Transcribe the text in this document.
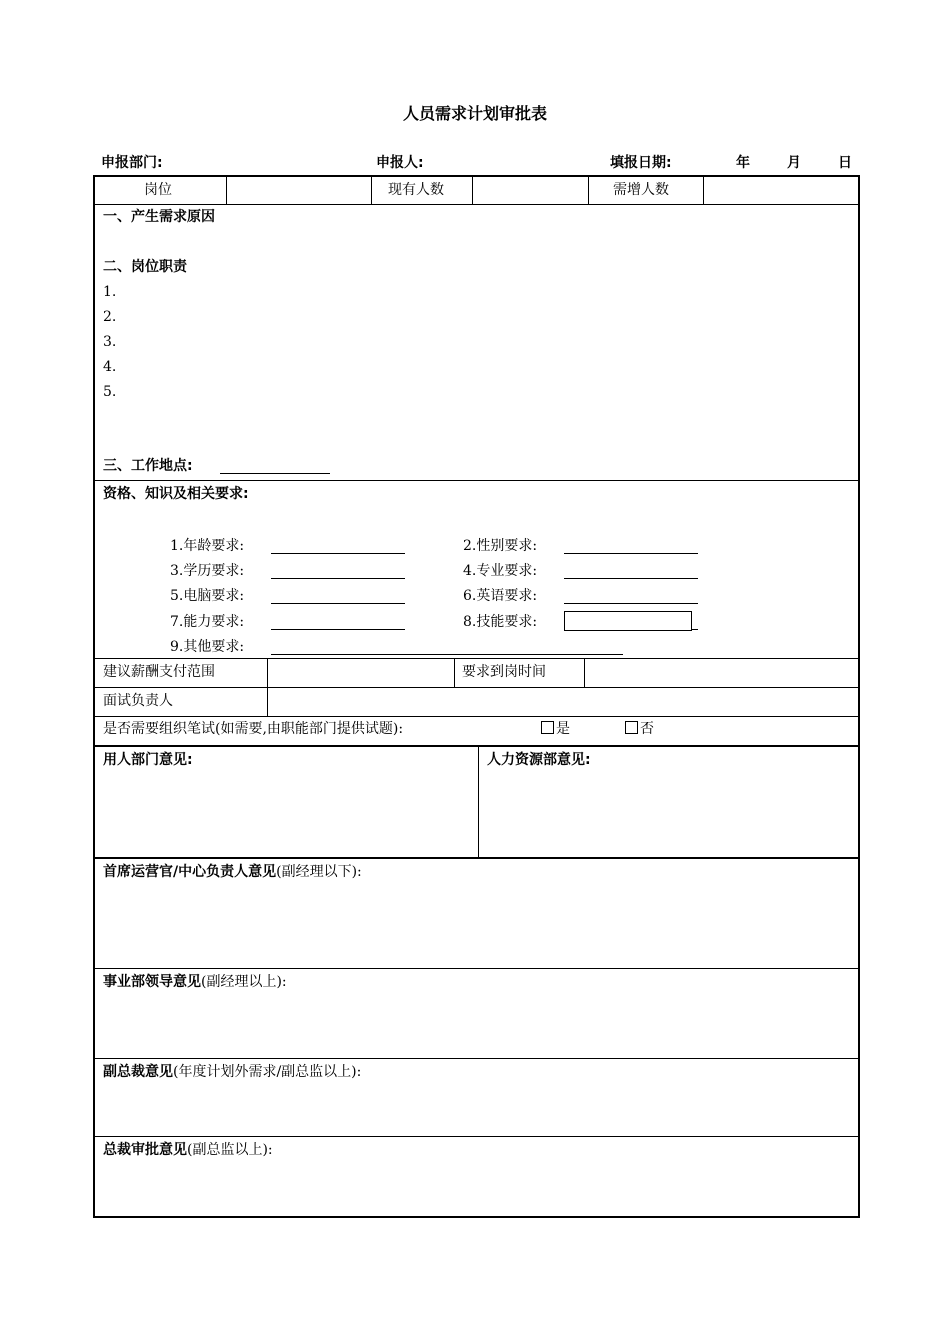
人员需求计划审批表
申报部门:	申报人:	填报日期:	年	月	日
岗位	现有人数	需增人数
一、产生需求原因
二、岗位职责
1.
2.
3.
4.
5.
三、工作地点:
资格、知识及相关要求:
1.年龄要求:	2.性别要求:
3.学历要求:	4.专业要求:
5.电脑要求:	6.英语要求:
7.能力要求:	8.技能要求:
9.其他要求:
建议薪酬支付范围	要求到岗时间
面试负责人
是否需要组织笔试(如需要,由职能部门提供试题):	是	否
用人部门意见:	人力资源部意见:
首席运营官/中心负责人意见(副经理以下):
事业部领导意见(副经理以上):
副总裁意见(年度计划外需求/副总监以上):
总裁审批意见(副总监以上):
